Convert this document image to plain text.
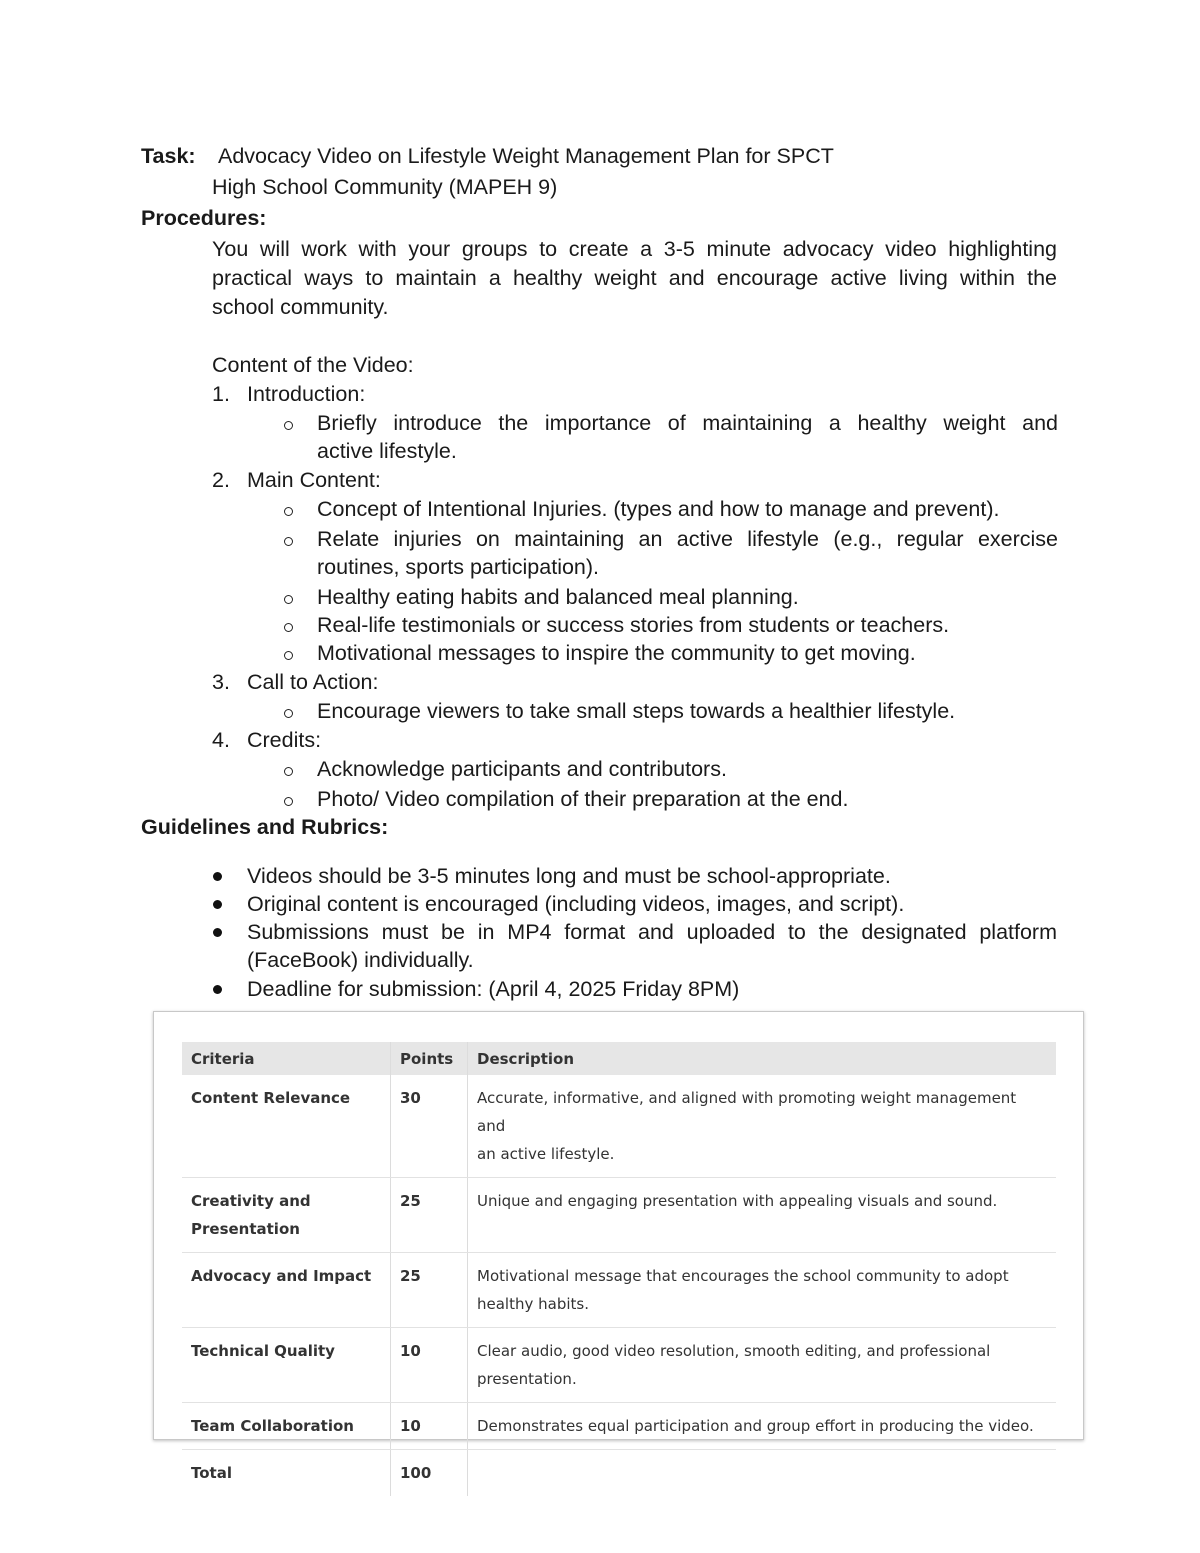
Task: Advocacy Video on Lifestyle Weight Management Plan for SPCT
High School Community (MAPEH 9)
Procedures:
You will work with your groups to create a 3-5 minute advocacy video highlighting
practical ways to maintain a healthy weight and encourage active living within the
school community.
Content of the Video:
1. Introduction:
Briefly introduce the importance of maintaining a healthy weight and
active lifestyle.
2. Main Content:
Concept of Intentional Injuries. (types and how to manage and prevent).
Relate injuries on maintaining an active lifestyle (e.g., regular exercise
routines, sports participation).
Healthy eating habits and balanced meal planning.
Real-life testimonials or success stories from students or teachers.
Motivational messages to inspire the community to get moving.
3. Call to Action:
Encourage viewers to take small steps towards a healthier lifestyle.
4. Credits:
Acknowledge participants and contributors.
Photo/ Video compilation of their preparation at the end.
Guidelines and Rubrics:
Videos should be 3-5 minutes long and must be school-appropriate.
Original content is encouraged (including videos, images, and script).
Submissions must be in MP4 format and uploaded to the designated platform
(FaceBook) individually.
Deadline for submission: (April 4, 2025 Friday 8PM)
Criteria	Points	Description
Content Relevance	30	Accurate, informative, and aligned with promoting weight management and
an active lifestyle.
Creativity and
Presentation	25	Unique and engaging presentation with appealing visuals and sound.
Advocacy and Impact	25	Motivational message that encourages the school community to adopt
healthy habits.
Technical Quality	10	Clear audio, good video resolution, smooth editing, and professional
presentation.
Team Collaboration	10	Demonstrates equal participation and group effort in producing the video.
Total	100	
